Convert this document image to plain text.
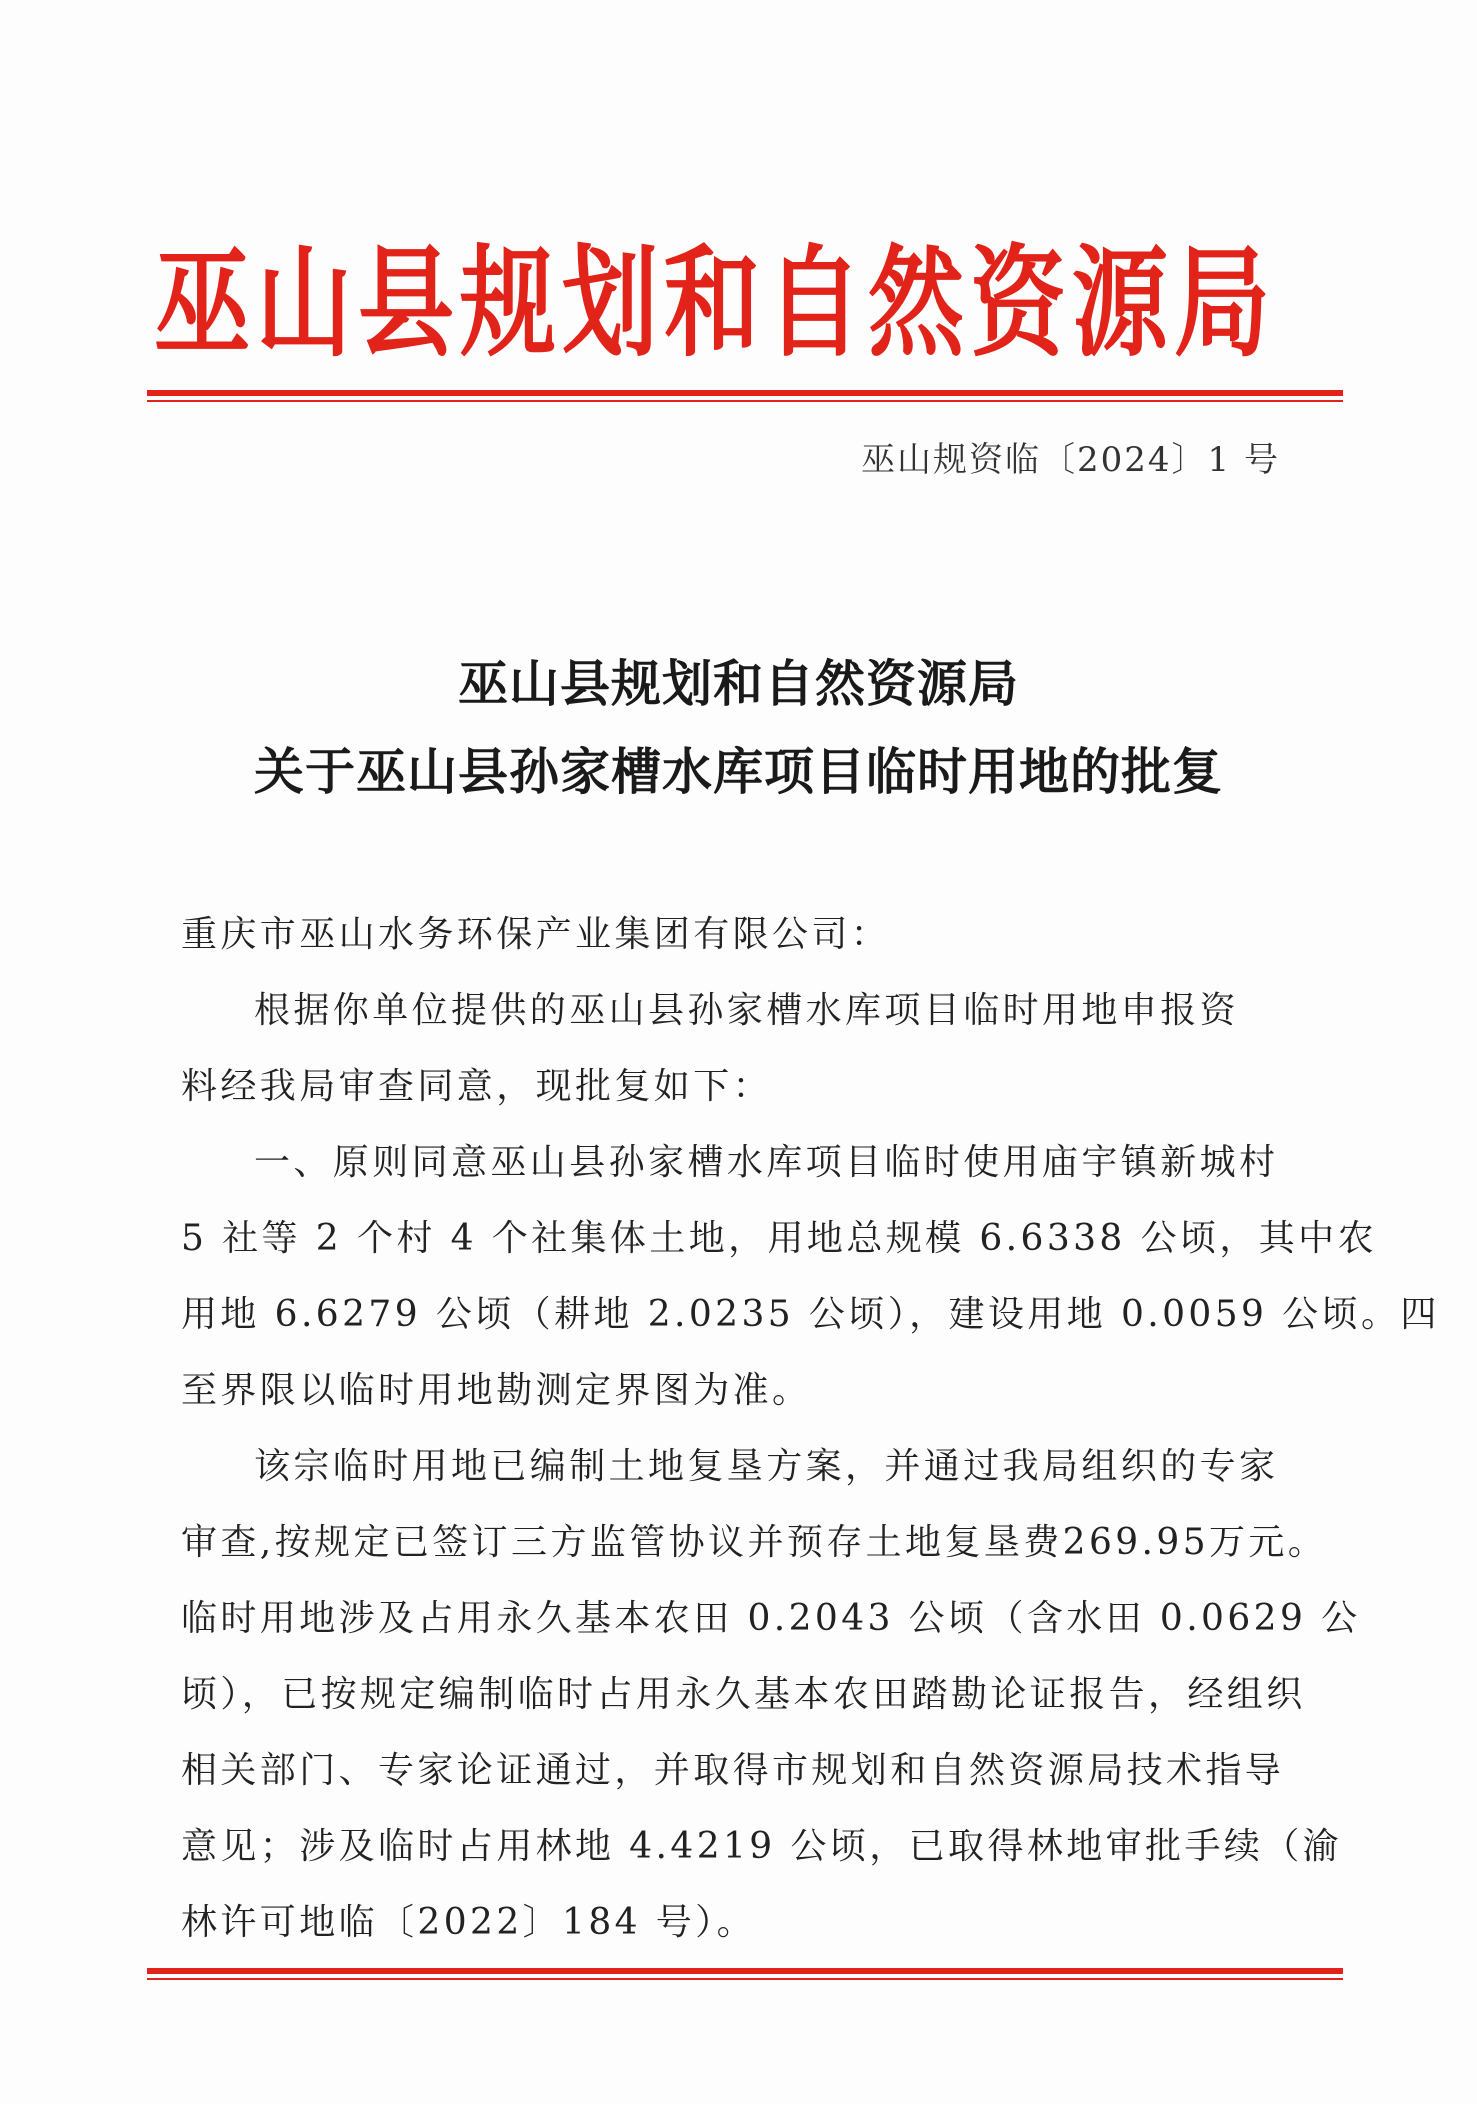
巫山县规划和自然资源局
巫山规资临〔2024〕1 号
巫山县规划和自然资源局
关于巫山县孙家槽水库项目临时用地的批复
重庆市巫山水务环保产业集团有限公司：
根据你单位提供的巫山县孙家槽水库项目临时用地申报资
料经我局审查同意，现批复如下：
一、原则同意巫山县孙家槽水库项目临时使用庙宇镇新城村
5 社等 2 个村 4 个社集体土地，用地总规模 6.6338 公顷，其中农
用地 6.6279 公顷（耕地 2.0235 公顷），建设用地 0.0059 公顷。四
至界限以临时用地勘测定界图为准。
该宗临时用地已编制土地复垦方案，并通过我局组织的专家
审查,按规定已签订三方监管协议并预存土地复垦费269.95万元。
临时用地涉及占用永久基本农田 0.2043 公顷（含水田 0.0629 公
顷），已按规定编制临时占用永久基本农田踏勘论证报告，经组织
相关部门、专家论证通过，并取得市规划和自然资源局技术指导
意见；涉及临时占用林地 4.4219 公顷，已取得林地审批手续（渝
林许可地临〔2022〕184 号）。
